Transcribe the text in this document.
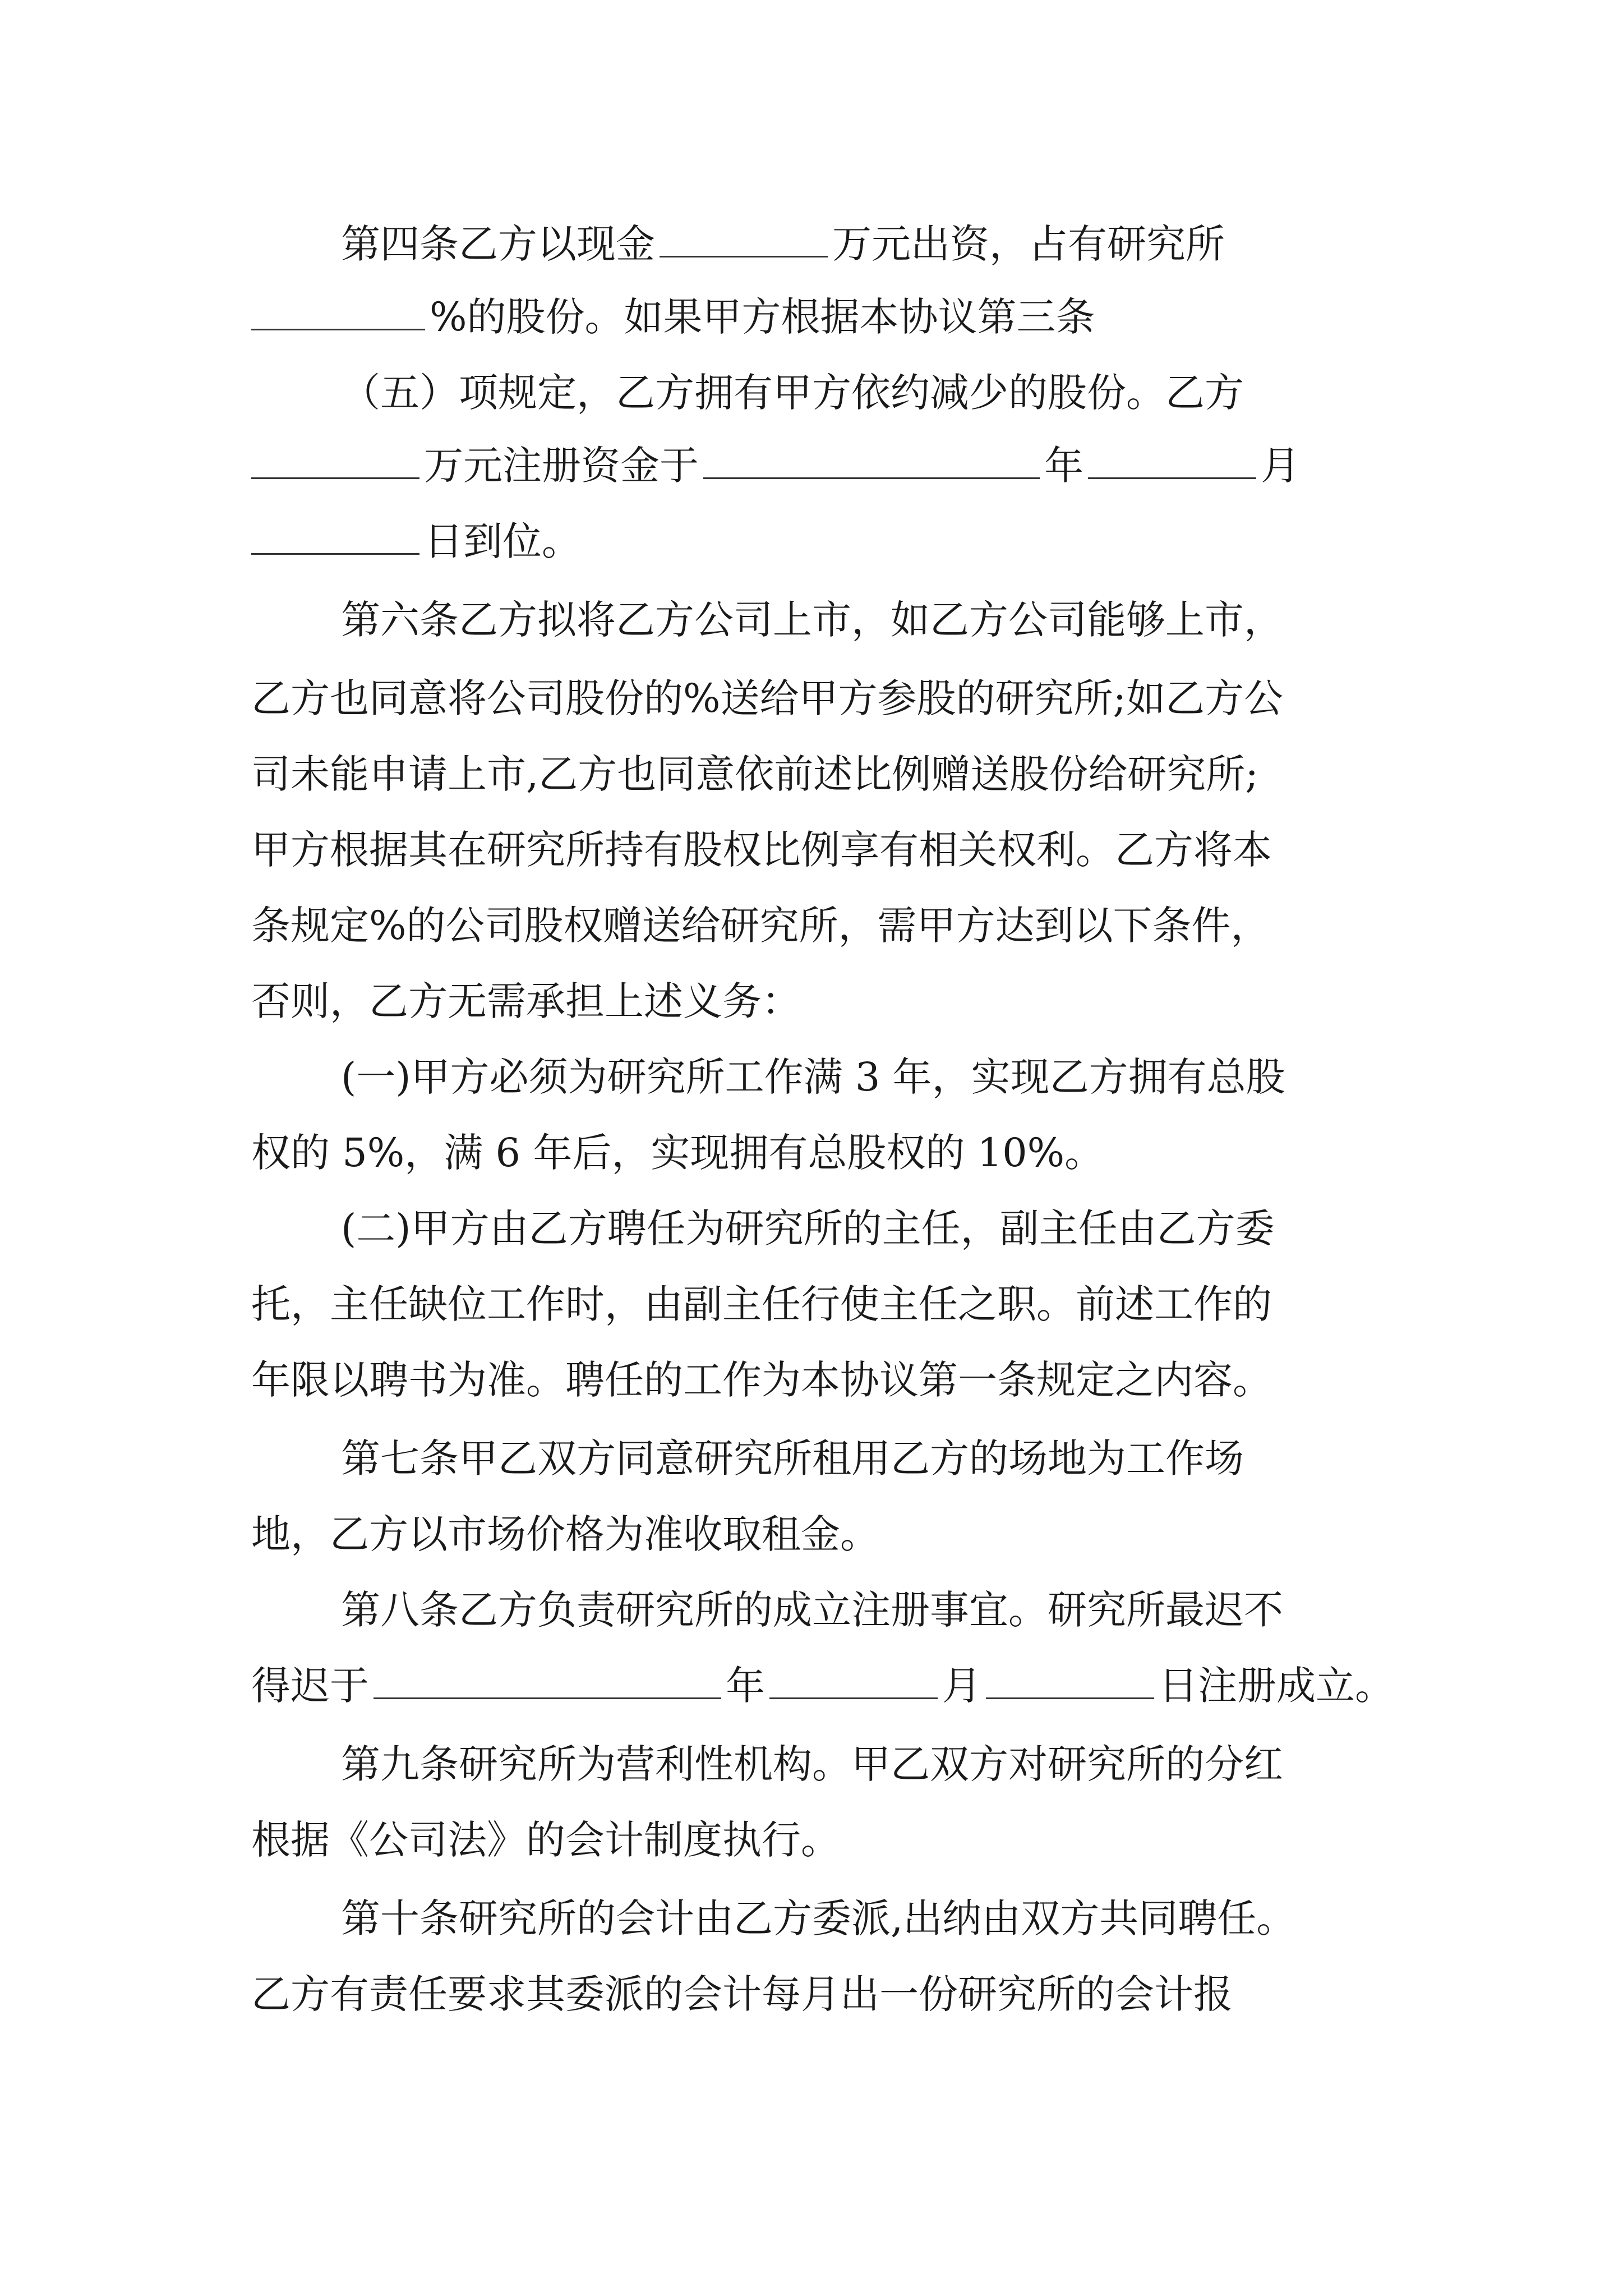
第四条乙方以现金	万元出资，占有研究所
%的股份。如果甲方根据本协议第三条
（五）项规定，乙方拥有甲方依约减少的股份。乙方
万元注册资金于	年	月
日到位。
第六条乙方拟将乙方公司上市，如乙方公司能够上市，
乙方也同意将公司股份的%送给甲方参股的研究所;如乙方公
司未能申请上市,乙方也同意依前述比例赠送股份给研究所;
甲方根据其在研究所持有股权比例享有相关权利。乙方将本
条规定%的公司股权赠送给研究所，需甲方达到以下条件，
否则，乙方无需承担上述义务：
(一)甲方必须为研究所工作满 3 年，实现乙方拥有总股
权的 5%，满 6 年后，实现拥有总股权的 10%。
(二)甲方由乙方聘任为研究所的主任，副主任由乙方委
托，主任缺位工作时，由副主任行使主任之职。前述工作的
年限以聘书为准。聘任的工作为本协议第一条规定之内容。
第七条甲乙双方同意研究所租用乙方的场地为工作场
地，乙方以市场价格为准收取租金。
第八条乙方负责研究所的成立注册事宜。研究所最迟不
得迟于	年	月	日注册成立。
第九条研究所为营利性机构。甲乙双方对研究所的分红
根据《公司法》的会计制度执行。
第十条研究所的会计由乙方委派,出纳由双方共同聘任。
乙方有责任要求其委派的会计每月出一份研究所的会计报
